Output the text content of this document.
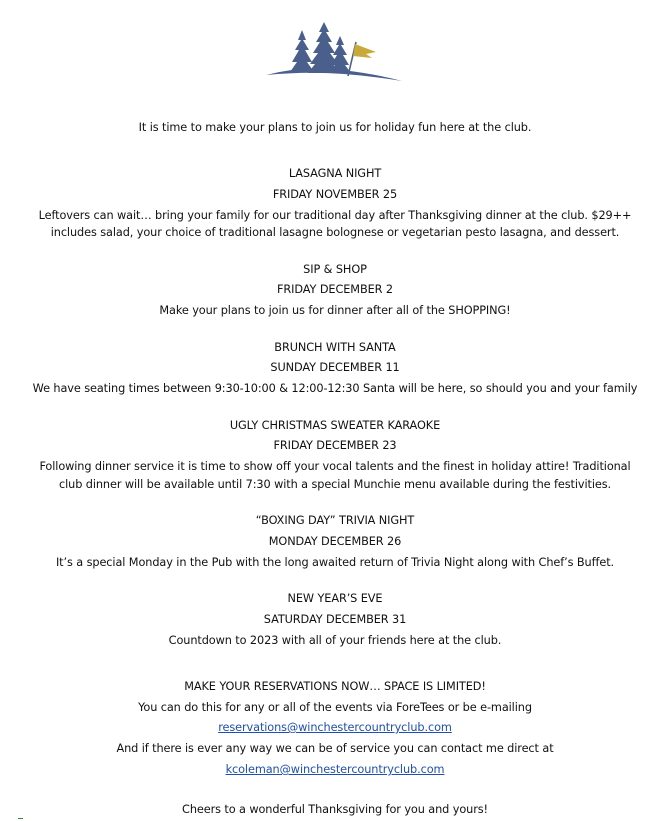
It is time to make your plans to join us for holiday fun here at the club.
LASAGNA NIGHT
FRIDAY NOVEMBER 25
Leftovers can wait… bring your family for our traditional day after Thanksgiving dinner at the club. $29++
includes salad, your choice of traditional lasagne bolognese or vegetarian pesto lasagna, and dessert.
SIP & SHOP
FRIDAY DECEMBER 2
Make your plans to join us for dinner after all of the SHOPPING!
BRUNCH WITH SANTA
SUNDAY DECEMBER 11
We have seating times between 9:30-10:00 & 12:00-12:30 Santa will be here, so should you and your family
UGLY CHRISTMAS SWEATER KARAOKE
FRIDAY DECEMBER 23
Following dinner service it is time to show off your vocal talents and the finest in holiday attire! Traditional
club dinner will be available until 7:30 with a special Munchie menu available during the festivities.
“BOXING DAY” TRIVIA NIGHT
MONDAY DECEMBER 26
It’s a special Monday in the Pub with the long awaited return of Trivia Night along with Chef’s Buffet.
NEW YEAR’S EVE
SATURDAY DECEMBER 31
Countdown to 2023 with all of your friends here at the club.
MAKE YOUR RESERVATIONS NOW… SPACE IS LIMITED!
You can do this for any or all of the events via ForeTees or be e-mailing
reservations@winchestercountryclub.com
And if there is ever any way we can be of service you can contact me direct at
kcoleman@winchestercountryclub.com
Cheers to a wonderful Thanksgiving for you and yours!
